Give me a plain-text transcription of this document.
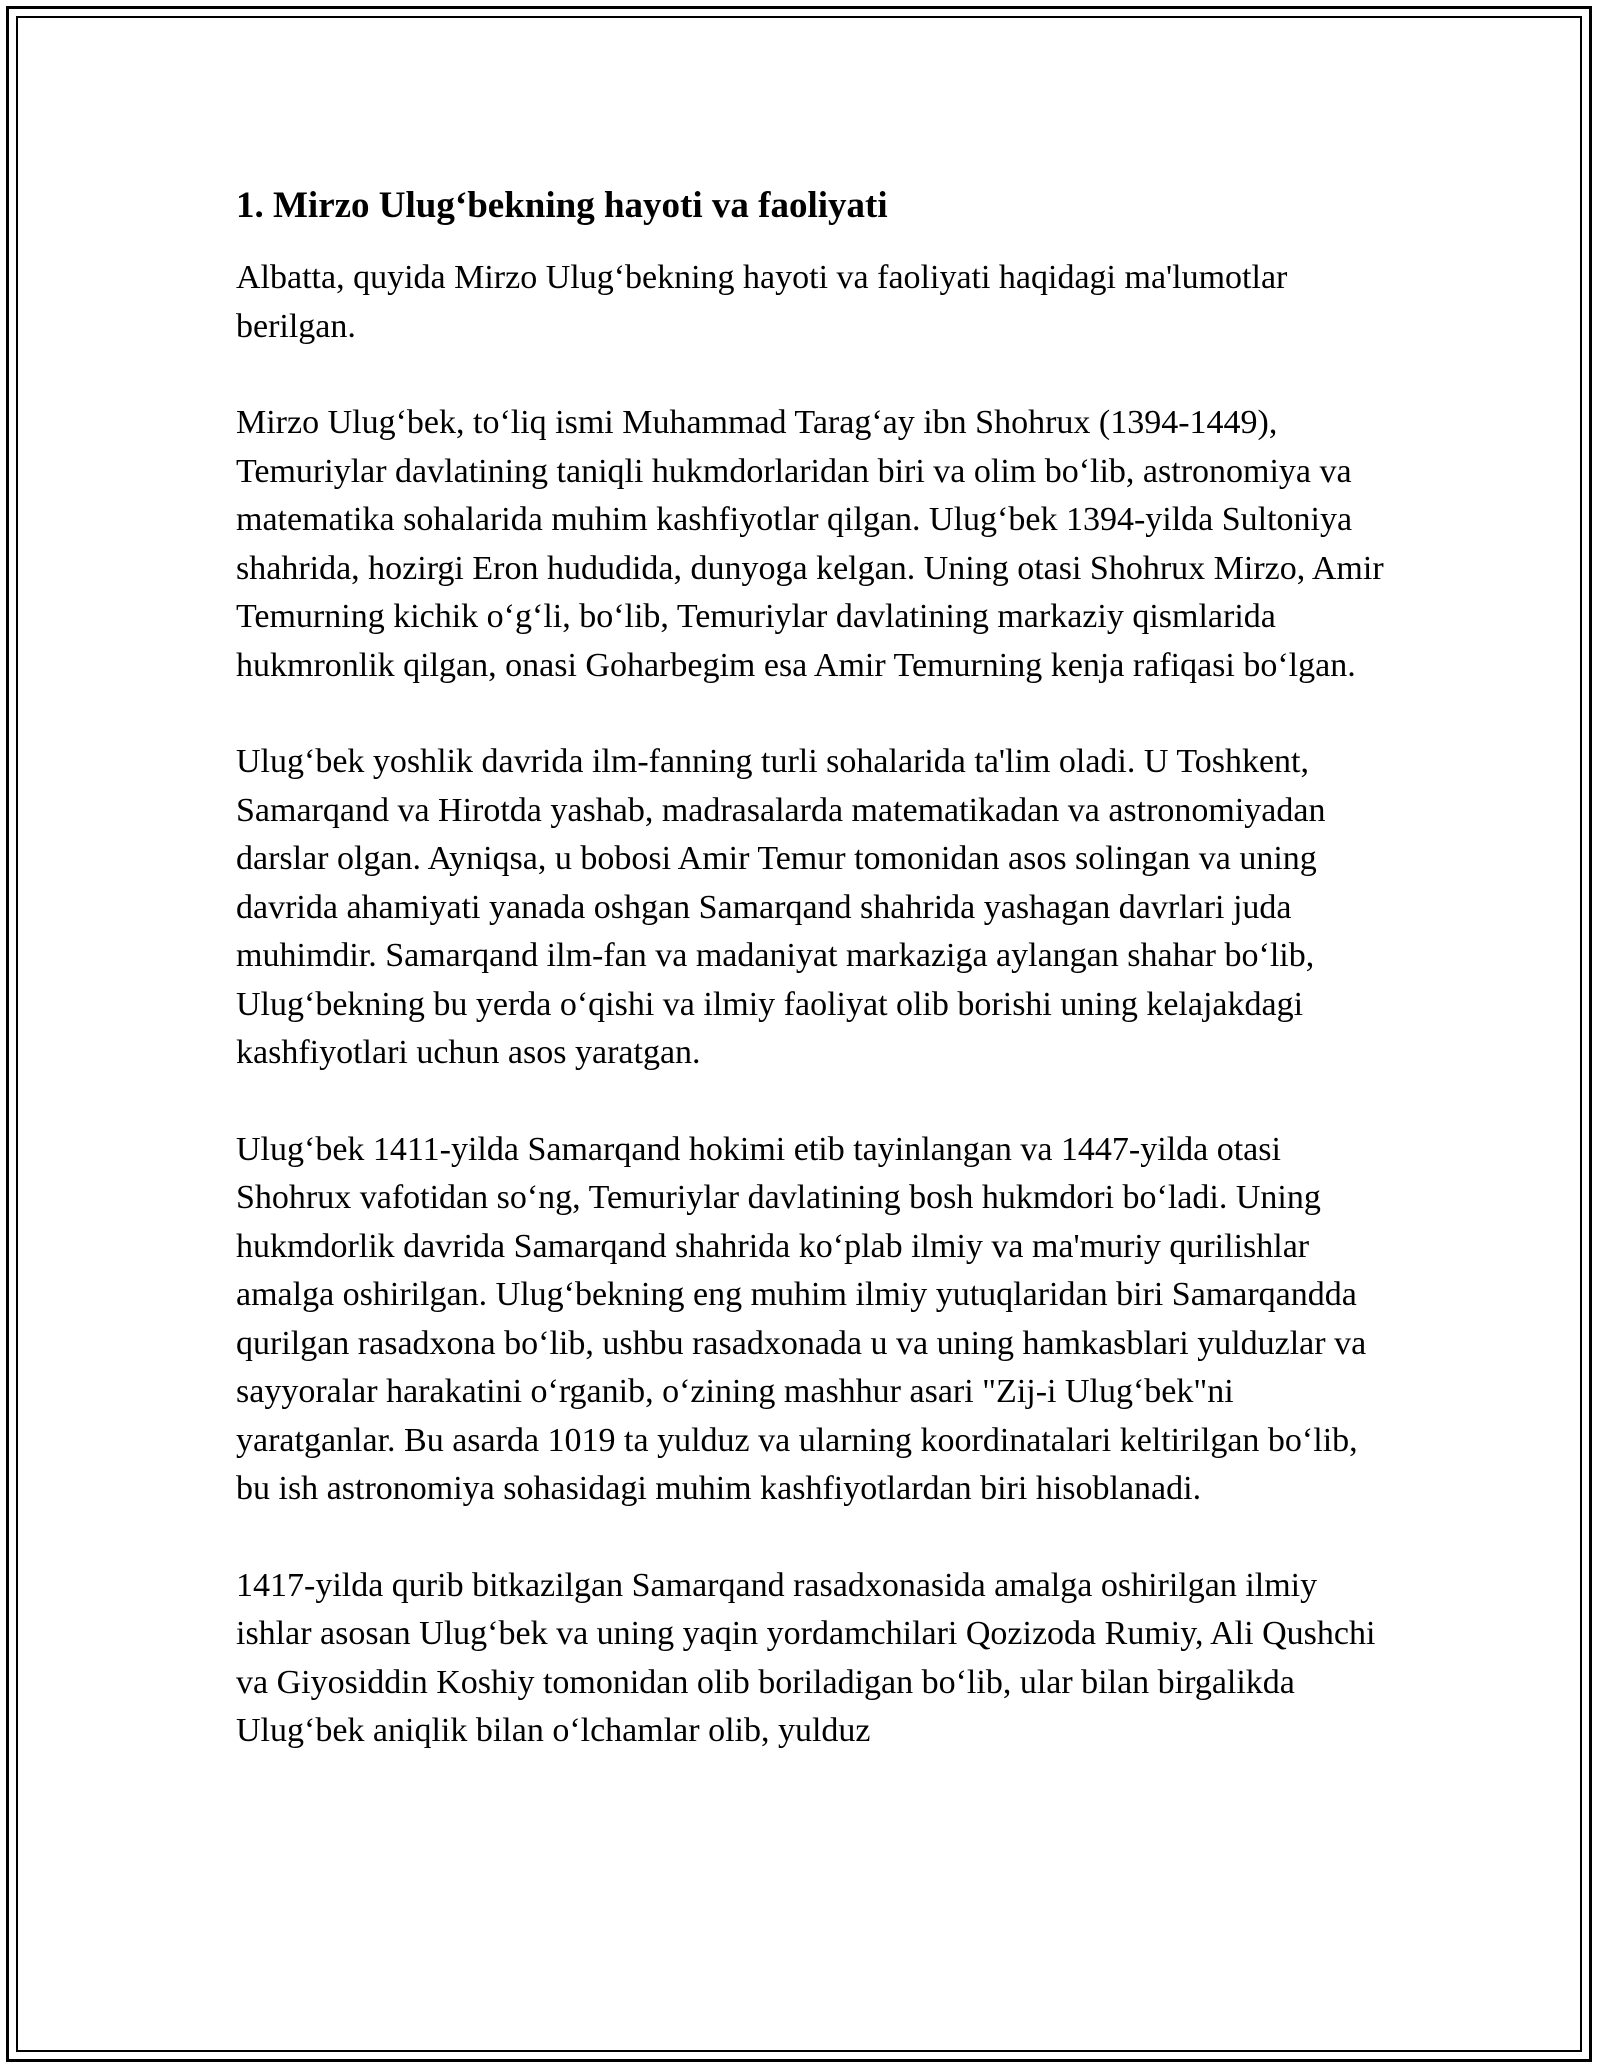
1. Mirzo Ulug‘bekning hayoti va faoliyati

Albatta, quyida Mirzo Ulug‘bekning hayoti va faoliyati haqidagi ma'lumotlar berilgan.

Mirzo Ulug‘bek, to‘liq ismi Muhammad Tarag‘ay ibn Shohrux (1394-1449), Temuriylar davlatining taniqli hukmdorlaridan biri va olim bo‘lib, astronomiya va matematika sohalarida muhim kashfiyotlar qilgan. Ulug‘bek 1394-yilda Sultoniya shahrida, hozirgi Eron hududida, dunyoga kelgan. Uning otasi Shohrux Mirzo, Amir Temurning kichik o‘g‘li, bo‘lib, Temuriylar davlatining markaziy qismlarida hukmronlik qilgan, onasi Goharbegim esa Amir Temurning kenja rafiqasi bo‘lgan.

Ulug‘bek yoshlik davrida ilm-fanning turli sohalarida ta'lim oladi. U Toshkent, Samarqand va Hirotda yashab, madrasalarda matematikadan va astronomiyadan darslar olgan. Ayniqsa, u bobosi Amir Temur tomonidan asos solingan va uning davrida ahamiyati yanada oshgan Samarqand shahrida yashagan davrlari juda muhimdir. Samarqand ilm-fan va madaniyat markaziga aylangan shahar bo‘lib, Ulug‘bekning bu yerda o‘qishi va ilmiy faoliyat olib borishi uning kelajakdagi kashfiyotlari uchun asos yaratgan.

Ulug‘bek 1411-yilda Samarqand hokimi etib tayinlangan va 1447-yilda otasi Shohrux vafotidan so‘ng, Temuriylar davlatining bosh hukmdori bo‘ladi. Uning hukmdorlik davrida Samarqand shahrida ko‘plab ilmiy va ma'muriy qurilishlar amalga oshirilgan. Ulug‘bekning eng muhim ilmiy yutuqlaridan biri Samarqandda qurilgan rasadxona bo‘lib, ushbu rasadxonada u va uning hamkasblari yulduzlar va sayyoralar harakatini o‘rganib, o‘zining mashhur asari "Zij-i Ulug‘bek"ni yaratganlar. Bu asarda 1019 ta yulduz va ularning koordinatalari keltirilgan bo‘lib, bu ish astronomiya sohasidagi muhim kashfiyotlardan biri hisoblanadi.

1417-yilda qurib bitkazilgan Samarqand rasadxonasida amalga oshirilgan ilmiy ishlar asosan Ulug‘bek va uning yaqin yordamchilari Qozizoda Rumiy, Ali Qushchi va Giyosiddin Koshiy tomonidan olib boriladigan bo‘lib, ular bilan birgalikda Ulug‘bek aniqlik bilan o‘lchamlar olib, yulduz
